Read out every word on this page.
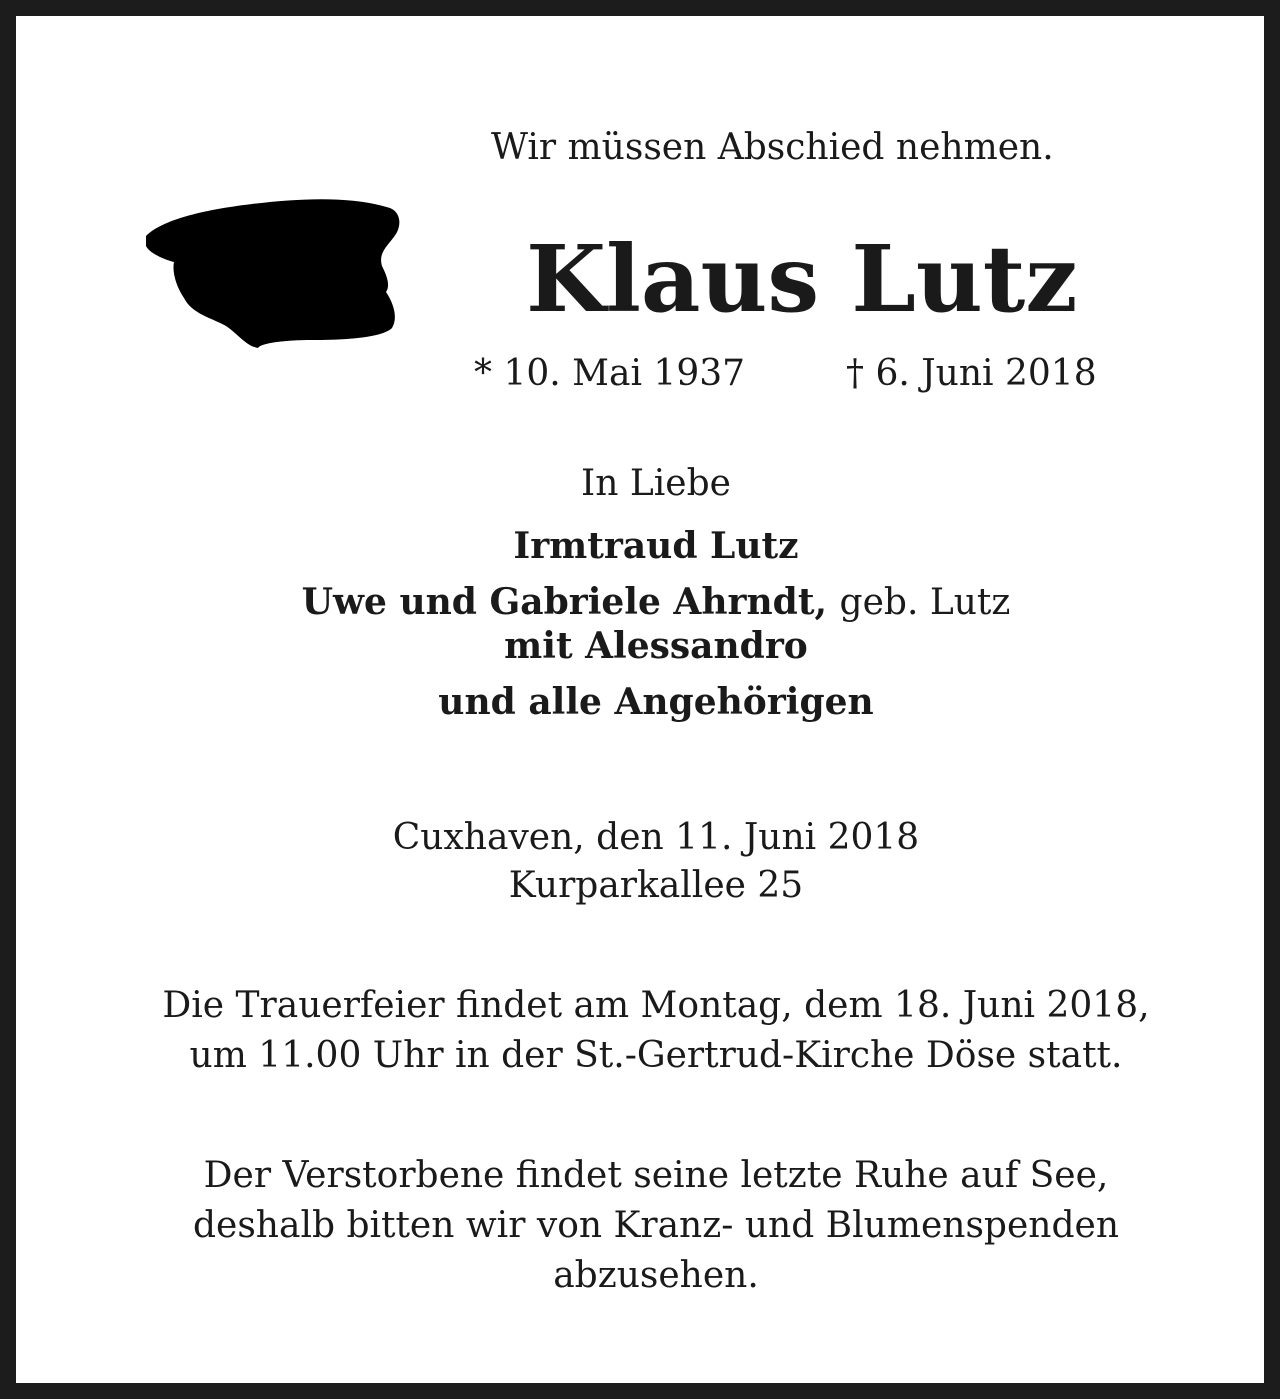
Wir müssen Abschied nehmen.
Klaus Lutz
* 10. Mai 1937	† 6. Juni 2018
In Liebe
Irmtraud Lutz
Uwe und Gabriele Ahrndt, geb. Lutz
mit Alessandro
und alle Angehörigen
Cuxhaven, den 11. Juni 2018
Kurparkallee 25
Die Trauerfeier findet am Montag, dem 18. Juni 2018,
um 11.00 Uhr in der St.-Gertrud-Kirche Döse statt.
Der Verstorbene findet seine letzte Ruhe auf See,
deshalb bitten wir von Kranz- und Blumenspenden
abzusehen.
